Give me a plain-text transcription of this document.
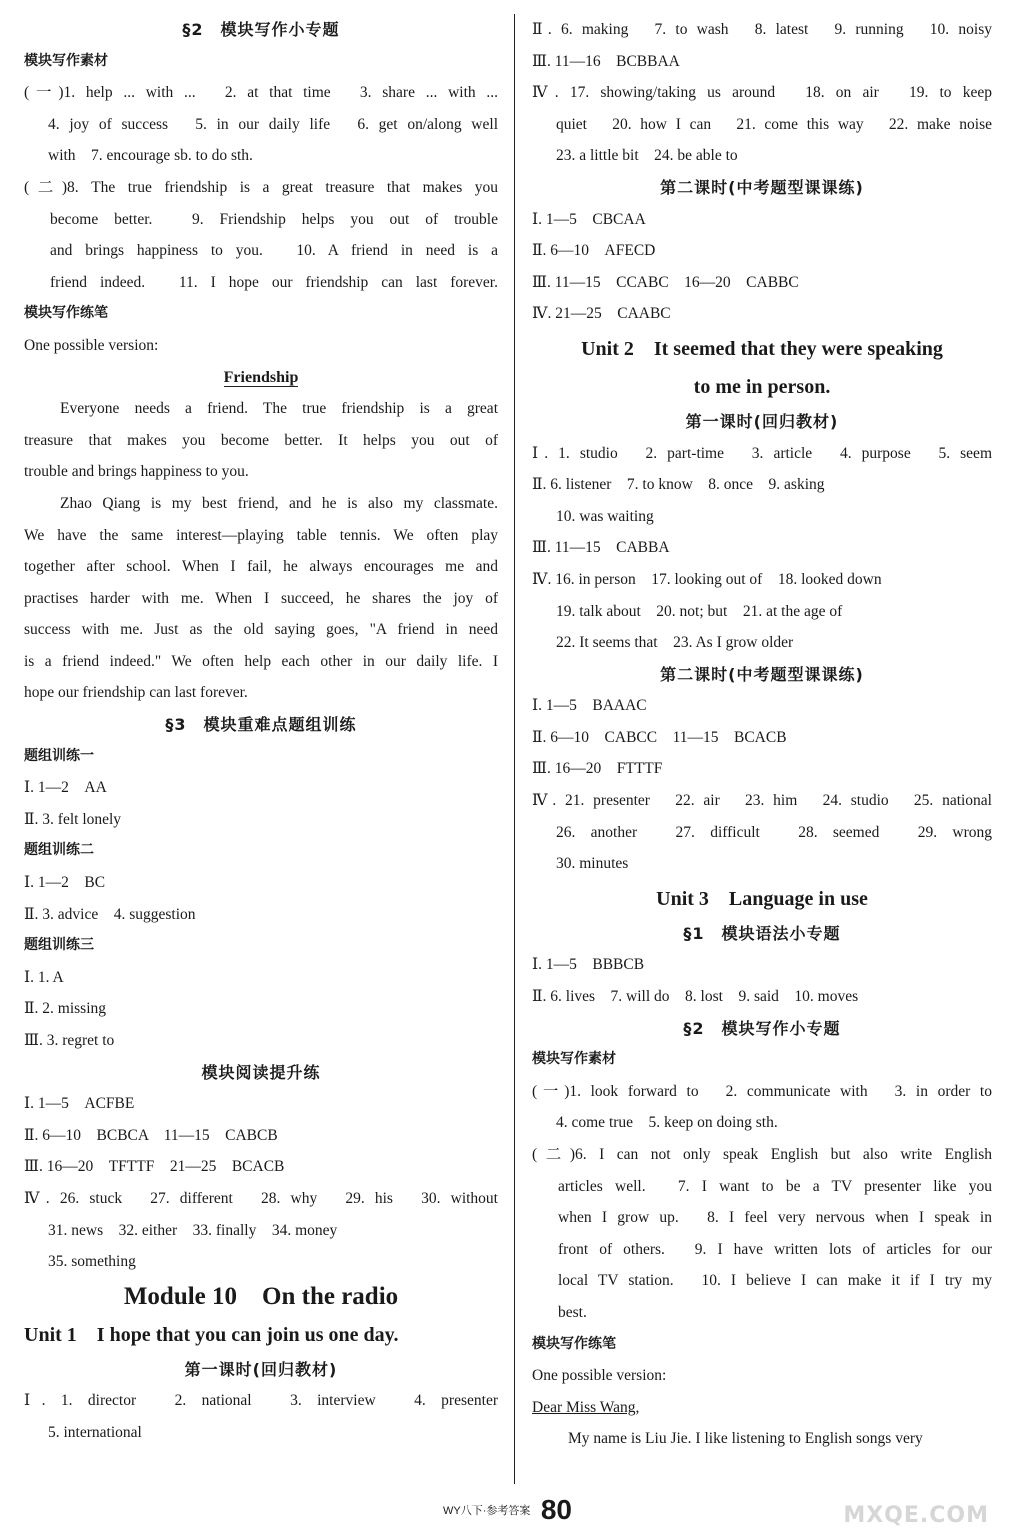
§2　模块写作小专题
模块写作素材
(一)1. help ... with ...　2. at that time　3. share ... with ...
4. joy of success　5. in our daily life　6. get on/along well
with　7. encourage sb. to do sth.
(二)8. The true friendship is a great treasure that makes you
become better.　9. Friendship helps you out of trouble
and brings happiness to you.　10. A friend in need is a
friend indeed.　11. I hope our friendship can last forever.
模块写作练笔
One possible version:
Friendship
Everyone needs a friend. The true friendship is a great
treasure that makes you become better. It helps you out of
trouble and brings happiness to you.
Zhao Qiang is my best friend, and he is also my classmate.
We have the same interest—playing table tennis. We often play
together after school. When I fail, he always encourages me and
practises harder with me. When I succeed, he shares the joy of
success with me. Just as the old saying goes, "A friend in need
is a friend indeed." We often help each other in our daily life. I
hope our friendship can last forever.
§3　模块重难点题组训练
题组训练一
Ⅰ. 1—2　AA
Ⅱ. 3. felt lonely
题组训练二
Ⅰ. 1—2　BC
Ⅱ. 3. advice　4. suggestion
题组训练三
Ⅰ. 1. A
Ⅱ. 2. missing
Ⅲ. 3. regret to
模块阅读提升练
Ⅰ. 1—5　ACFBE
Ⅱ. 6—10　BCBCA　11—15　CABCB
Ⅲ. 16—20　TFTTF　21—25　BCACB
Ⅳ. 26. stuck　27. different　28. why　29. his　30. without
31. news　32. either　33. finally　34. money
35. something
Module 10　On the radio
Unit 1　I hope that you can join us one day.
第一课时(回归教材)
Ⅰ. 1. director　2. national　3. interview　4. presenter
5. international
Ⅱ. 6. making　7. to wash　8. latest　9. running　10. noisy
Ⅲ. 11—16　BCBBAA
Ⅳ. 17. showing/taking us around　18. on air　19. to keep
quiet　20. how I can　21. come this way　22. make noise
23. a little bit　24. be able to
第二课时(中考题型课课练)
Ⅰ. 1—5　CBCAA
Ⅱ. 6—10　AFECD
Ⅲ. 11—15　CCABC　16—20　CABBC
Ⅳ. 21—25　CAABC
Unit 2　It seemed that they were speaking
to me in person.
第一课时(回归教材)
Ⅰ. 1. studio　2. part-time　3. article　4. purpose　5. seem
Ⅱ. 6. listener　7. to know　8. once　9. asking
10. was waiting
Ⅲ. 11—15　CABBA
Ⅳ. 16. in person　17. looking out of　18. looked down
19. talk about　20. not; but　21. at the age of
22. It seems that　23. As I grow older
第二课时(中考题型课课练)
Ⅰ. 1—5　BAAAC
Ⅱ. 6—10　CABCC　11—15　BCACB
Ⅲ. 16—20　FTTTF
Ⅳ. 21. presenter　22. air　23. him　24. studio　25. national
26. another　27. difficult　28. seemed　29. wrong
30. minutes
Unit 3　Language in use
§1　模块语法小专题
Ⅰ. 1—5　BBBCB
Ⅱ. 6. lives　7. will do　8. lost　9. said　10. moves
§2　模块写作小专题
模块写作素材
(一)1. look forward to　2. communicate with　3. in order to
4. come true　5. keep on doing sth.
(二)6. I can not only speak English but also write English
articles well.　7. I want to be a TV presenter like you
when I grow up.　8. I feel very nervous when I speak in
front of others.　9. I have written lots of articles for our
local TV station.　10. I believe I can make it if I try my
best.
模块写作练笔
One possible version:
Dear Miss Wang,
My name is Liu Jie. I like listening to English songs very
WY八下·参考答案 80	MXQE.COM
